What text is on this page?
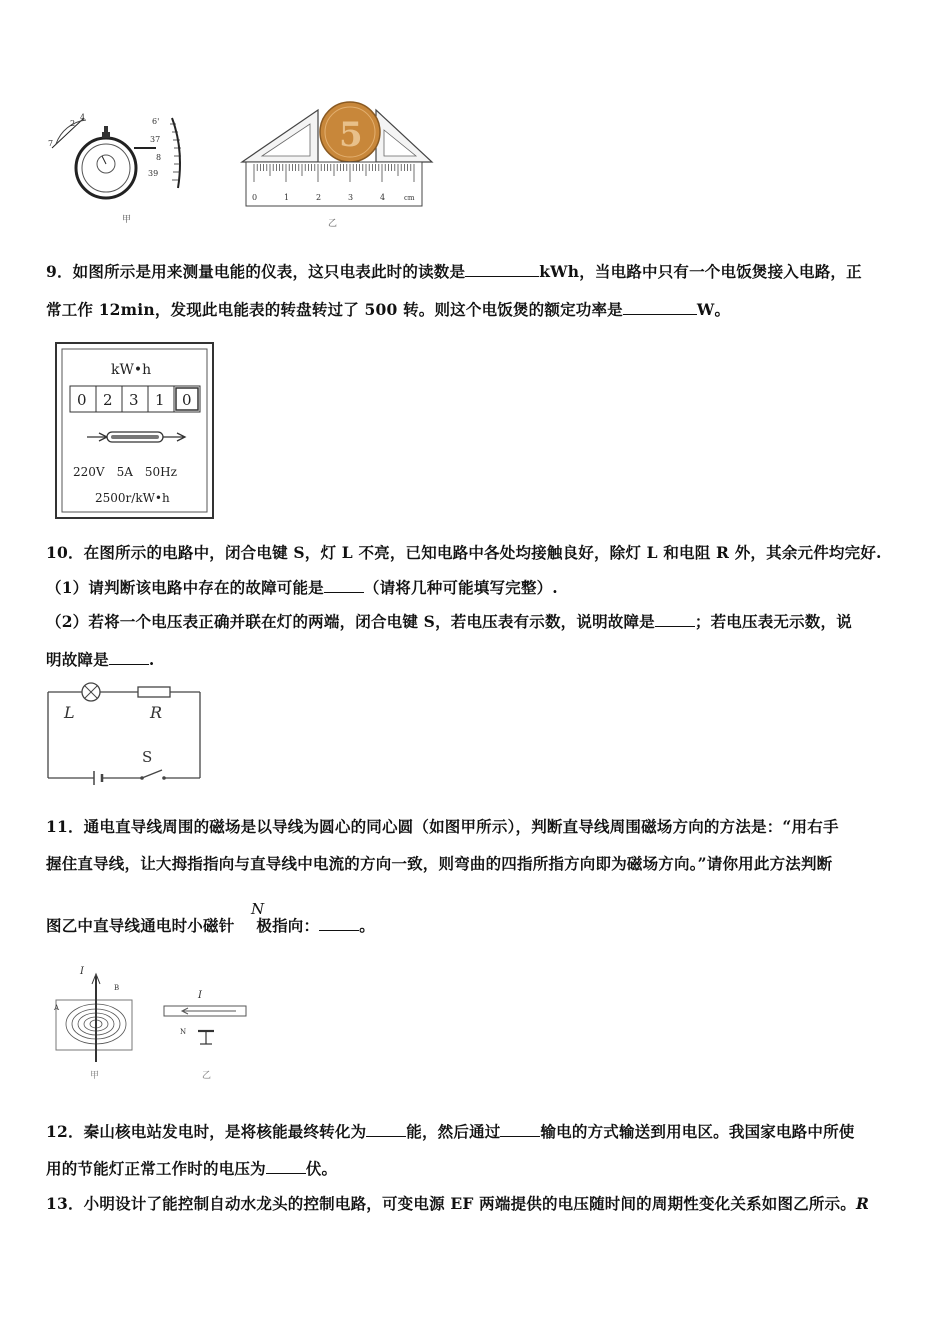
7
2
4	6'
37
8
39
甲
5
0	1	2	3	4	cm
乙
9．如图所示是用来测量电能的仪表，这只电表此时的读数是	kWh，当电路中只有一个电饭煲接入电路，正
常工作 12min，发现此电能表的转盘转过了 500 转。则这个电饭煲的额定功率是	W。
kW•h
0 2 3 1 0
220V　5A　50Hz
2500r/kW•h
10．在图所示的电路中，闭合电键 S，灯 L 不亮，已知电路中各处均接触良好，除灯 L 和电阻 R 外，其余元件均完好.
（1）请判断该电路中存在的故障可能是	（请将几种可能填写完整）.
（2）若将一个电压表正确并联在灯的两端，闭合电键 S，若电压表有示数，说明故障是	；若电压表无示数，说
明故障是	.
L	R
S
11．通电直导线周围的磁场是以导线为圆心的同心圆（如图甲所示），判断直导线周围磁场方向的方法是：“用右手
握住直导线，让大拇指指向与直导线中电流的方向一致，则弯曲的四指所指方向即为磁场方向。”请你用此方法判断
图乙中直导线通电时小磁针 极指向：	。
N
I
A
B
甲
I
N
乙
12．秦山核电站发电时，是将核能最终转化为	能，然后通过	输电的方式输送到用电区。我国家电路中所使
用的节能灯正常工作时的电压为	伏。
13．小明设计了能控制自动水龙头的控制电路，可变电源 EF 两端提供的电压随时间的周期性变化关系如图乙所示。R
